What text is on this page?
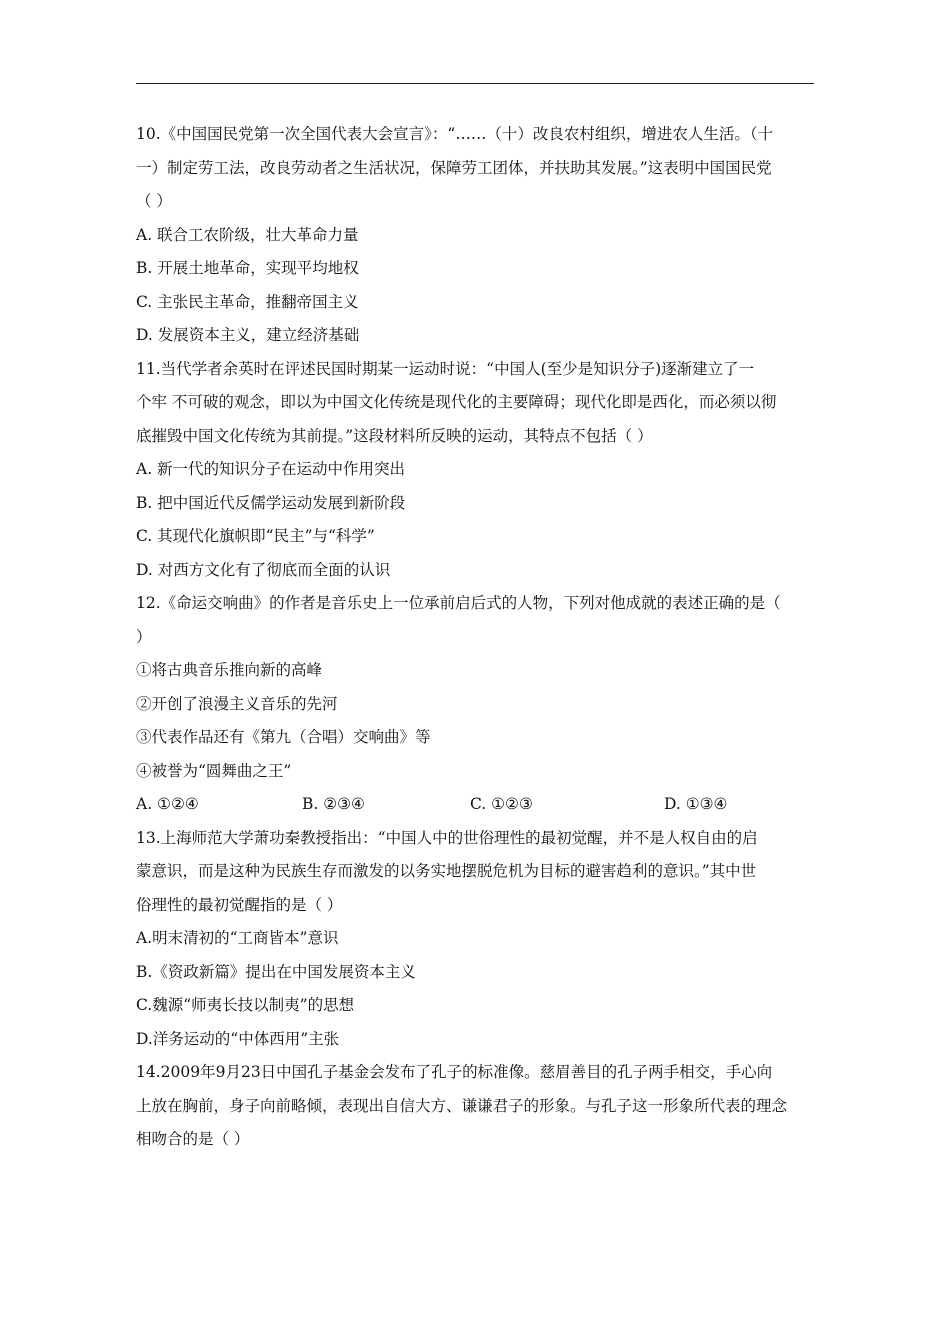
10.《中国国民党第一次全国代表大会宣言》：“……（十）改良农村组织，增进农人生活。（十
一）制定劳工法，改良劳动者之生活状况，保障劳工团体，并扶助其发展。”这表明中国国民党
（ ）
A. 联合工农阶级，壮大革命力量
B. 开展土地革命，实现平均地权
C. 主张民主革命，推翻帝国主义
D. 发展资本主义，建立经济基础
11.当代学者余英时在评述民国时期某一运动时说：“中国人(至少是知识分子)逐渐建立了一
个牢 不可破的观念，即以为中国文化传统是现代化的主要障碍；现代化即是西化，而必须以彻
底摧毁中国文化传统为其前提。”这段材料所反映的运动，其特点不包括（ ）
A. 新一代的知识分子在运动中作用突出
B. 把中国近代反儒学运动发展到新阶段
C. 其现代化旗帜即“民主”与“科学”
D. 对西方文化有了彻底而全面的认识
12.《命运交响曲》的作者是音乐史上一位承前启后式的人物，下列对他成就的表述正确的是（
）
①将古典音乐推向新的高峰
②开创了浪漫主义音乐的先河
③代表作品还有《第九（合唱）交响曲》等
④被誉为“圆舞曲之王”
A. ①②④	B. ②③④	C. ①②③	D. ①③④
13.上海师范大学萧功秦教授指出：“中国人中的世俗理性的最初觉醒，并不是人权自由的启
蒙意识，而是这种为民族生存而激发的以务实地摆脱危机为目标的避害趋利的意识。”其中世
俗理性的最初觉醒指的是（ ）
A.明末清初的“工商皆本”意识
B.《资政新篇》提出在中国发展资本主义
C.魏源“师夷长技以制夷”的思想
D.洋务运动的“中体西用”主张
14.2009年9月23日中国孔子基金会发布了孔子的标准像。慈眉善目的孔子两手相交，手心向
上放在胸前，身子向前略倾，表现出自信大方、谦谦君子的形象。与孔子这一形象所代表的理念
相吻合的是（ ）
